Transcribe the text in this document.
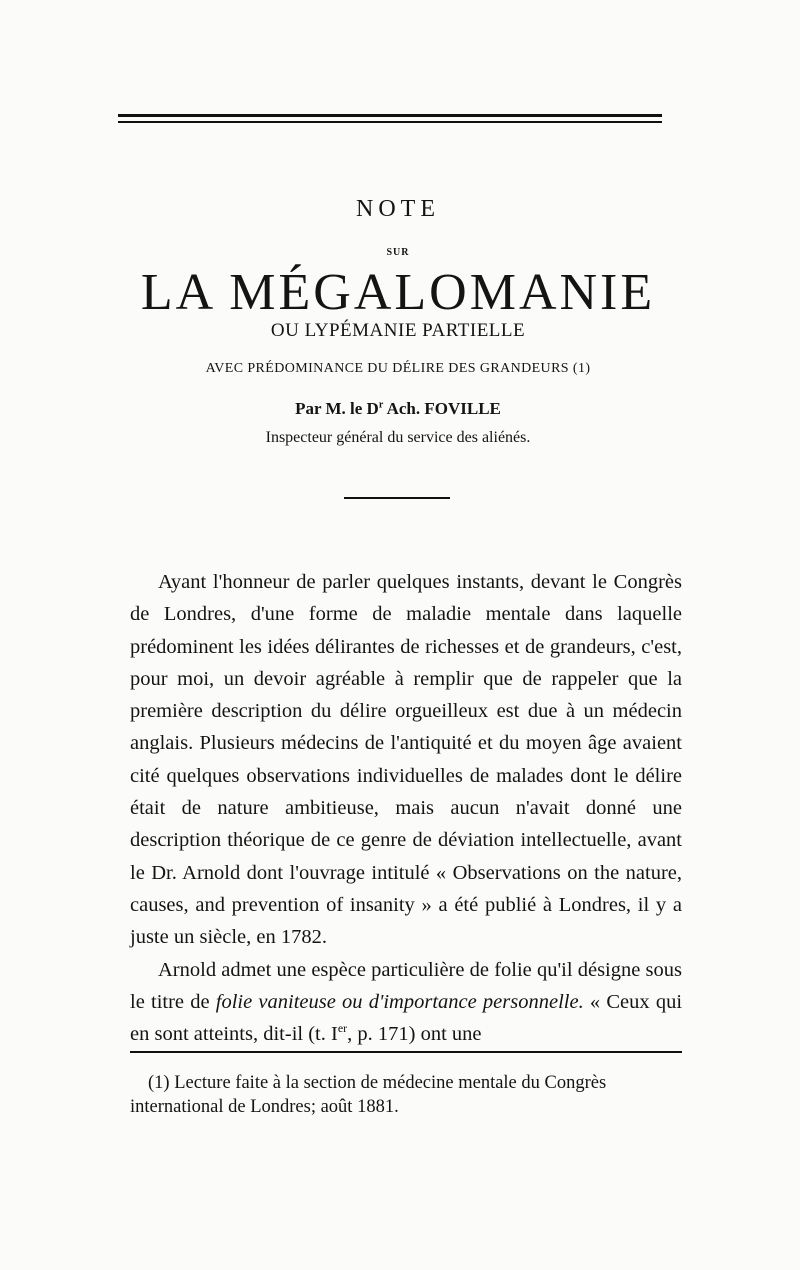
NOTE
SUR
LA MÉGALOMANIE
OU LYPÉMANIE PARTIELLE
AVEC PRÉDOMINANCE DU DÉLIRE DES GRANDEURS (1)
Par M. le $D^r$ Ach. FOVILLE
Inspecteur général du service des aliénés.

Ayant l'honneur de parler quelques instants, devant le Congrès de Londres, d'une forme de maladie mentale dans laquelle prédominent les idées délirantes de richesses et de grandeurs, c'est, pour moi, un devoir agréable à remplir que de rappeler que la première description du délire orgueilleux est due à un médecin anglais. Plusieurs médecins de l'antiquité et du moyen âge avaient cité quelques observations individuelles de malades dont le délire était de nature ambitieuse, mais aucun n'avait donné une description théorique de ce genre de déviation intellectuelle, avant le Dr. Arnold dont l'ouvrage intitulé « Observations on the nature, causes, and prevention of insanity » a été publié à Londres, il y a juste un siècle, en 1782.

Arnold admet une espèce particulière de folie qu'il désigne sous le titre de folie vaniteuse ou d'importance personnelle. « Ceux qui en sont atteints, dit-il (t. Ier, p. 171) ont une

(1) Lecture faite à la section de médecine mentale du Congrès international de Londres; août 1881.
